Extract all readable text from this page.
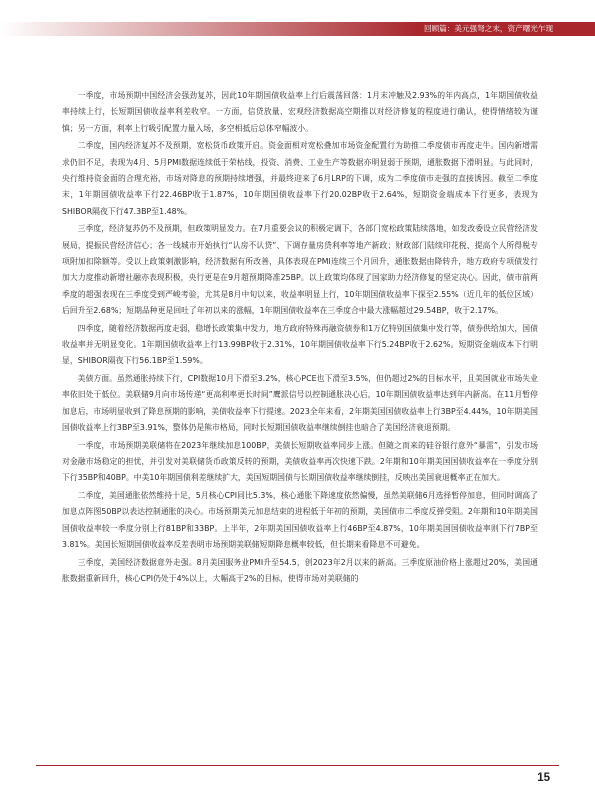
回顾篇：美元强弩之末，资产曙光乍现

一季度，市场预期中国经济会强劲复苏，因此10年期国债收益率上行后震荡回落：1月末冲触及2.93%的年内高点，1年期国债收益率持续上行，长短期国债收益率利差收窄。一方面，信贷放量、宏观经济数据高空期推以对经济修复的程度进行确认，使得情绪较为谨慎；另一方面，利率上行吸引配置力量入场，多空相抵后总体窄幅波小。

二季度，国内经济复苏不及预期，宽松货币政策开启。资金面相对宽松叠加市场资金配置行为助推二季度债市再度走牛。国内新增需求仍旧不足，表现为4月、5月PMI数据连续低于荣枯线，投资、消费、工业生产等数据亦明显弱于预期，通胀数据下滑明显。与此同时，央行维持资金面的合理充裕，市场对降息的预期持续增强，并最终迎来了6月LRP的下调，成为二季度债市走强的直接诱因。截至二季度末，1年期国债收益率下行22.46BP收于1.87%，10年期国债收益率下行20.02BP收于2.64%，短期资金端成本下行更多，表现为SHIBOR隔夜下行47.3BP至1.48%。

三季度，经济复苏仍不及预期，但政策明显发力。在7月重要会议的积极定调下，各部门宽松政策陆续落地，如发改委设立民营经济发展局，提振民营经济信心；各一线城市开始执行“认房不认贷”、下调存量房贷利率等地产新政；财政部门陆续印花税、提高个人所得税专项附加扣除额等。受以上政策刺激影响，经济数据有所改善，具体表现在PMI连续三个月回升，通胀数据由降转升，地方政府专项债发行加大力度推动新增社融亦表现积极，央行更是在9月超预期降准25BP。以上政策均体现了国家助力经济修复的坚定决心。因此，债市前两季度的超强表现在三季度受到严峻考验，尤其是8月中旬以来，收益率明显上行，10年期国债收益率下探至2.55%（近几年的低位区域）后回升至2.68%；短期品种更是回吐了年初以来的涨幅，1年期国债收益率在三季度合中最大涨幅超过29.54BP，收于2.17%。

四季度，随着经济数据再度走弱，稳增长政策集中发力，地方政府特殊再融资债券和1万亿特别国债集中发行等，债券供给加大，国债收益率并无明显变化。1年期国债收益率上行13.99BP收于2.31%，10年期国债收益率下行5.24BP收于2.62%。短期资金端成本下行明显，SHIBOR隔夜下行56.1BP至1.59%。

美债方面。虽然通胀持续下行，CPI数据10月下滑至3.2%，核心PCE也下滑至3.5%，但仍超过2%的目标水平，且美国就业市场失业率依旧处于低位。美联储9月向市场传递“更高利率更长时间”鹰派信号以控制通胀决心后，10年期国债收益率达到年内新高。在11月暂停加息后，市场明显收到了降息预期的影响，美债收益率下行提速。2023全年来看，2年期美国国债收益率上行3BP至4.44%，10年期美国国债收益率上行3BP至3.91%，整体仍是熊市格局，同时长短期国债收益率继续倒挂也暗合了美国经济衰退预期。

一季度，市场预期美联储将在2023年继续加息100BP，美债长短期收益率同步上涨。但随之而来的硅谷银行意外“暴雷”，引发市场对金融市场稳定的担忧，并引发对美联储货币政策反转的预期，美债收益率再次快速下跌。2年期和10年期美国国债收益率在一季度分别下行35BP和40BP。中美10年期国债利差继续扩大，美国短期国债与长期国债收益率继续倒挂，反映出美国衰退概率正在加大。

二季度，美国通胀依然维持十足，5月核心CPI同比5.3%，核心通胀下降速度依然偏慢，虽然美联储6月选择暂停加息，但同时调高了加息点阵图50BP以表达控制通胀的决心。市场预期美元加息结束的进程低于年初的预期，美国债市二季度反弹受阻。2年期和10年期美国国债收益率较一季度分别上行81BP和33BP。上半年，2年期美国国债收益率上行46BP至4.87%，10年期美国国债收益率则下行7BP至3.81%。美国长短期国债收益率反差表明市场预期美联储短期降息概率较低，但长期来看降息不可避免。

三季度，美国经济数据意外走强。8月美国服务业PMI升至54.5，创2023年2月以来的新高。三季度原油价格上涨超过20%，美国通胀数据重新回升，核心CPI仍处于4%以上，大幅高于2%的目标，使得市场对美联储的

15
